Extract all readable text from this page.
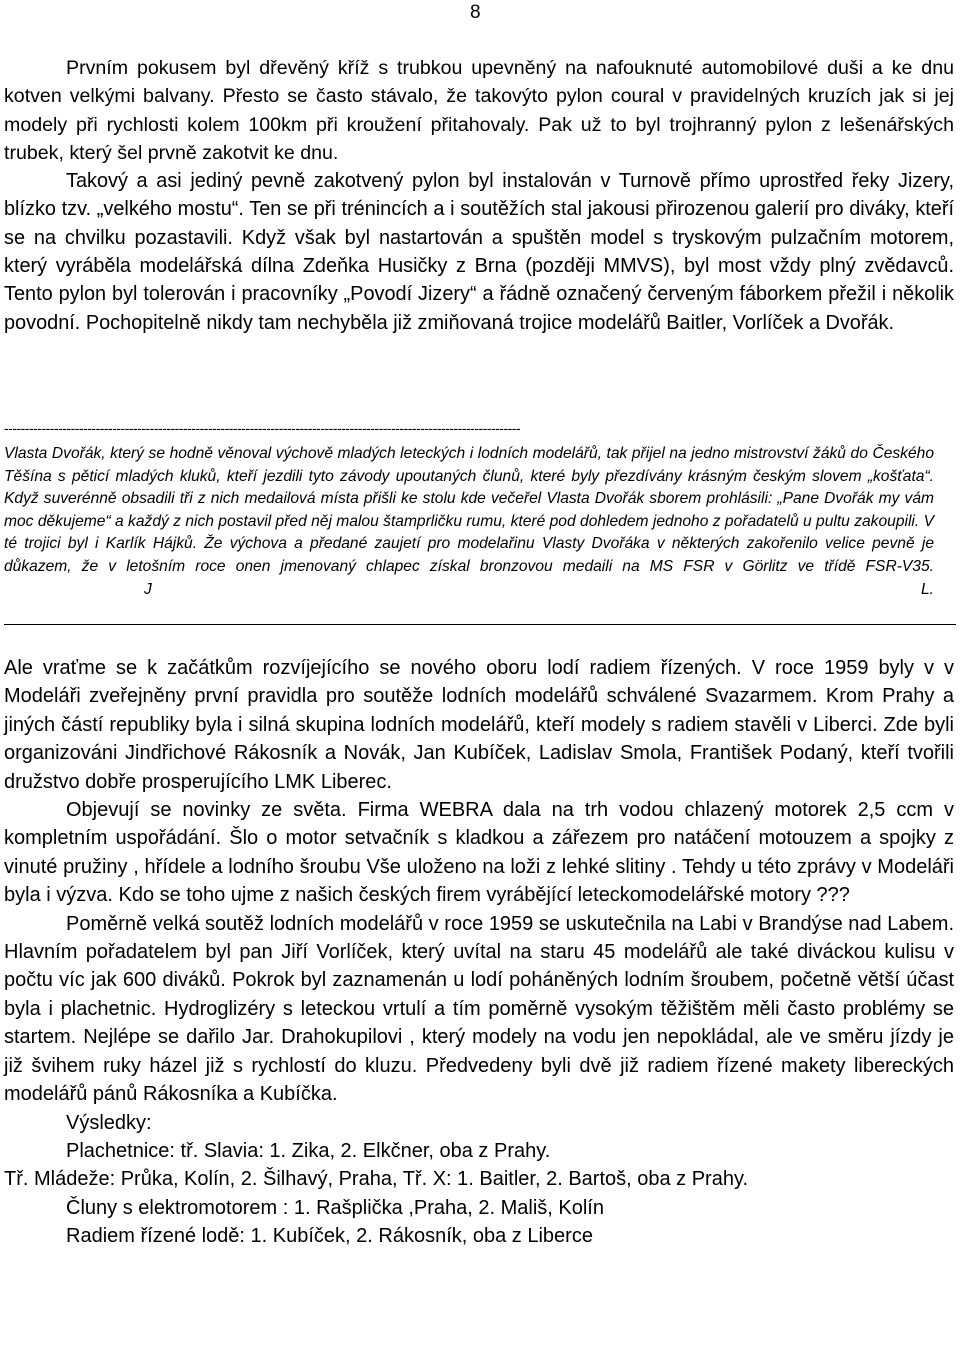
8

Prvním pokusem byl dřevěný kříž s trubkou upevněný na nafouknuté automobilové duši a ke dnu kotven velkými balvany. Přesto se často stávalo, že takovýto pylon coural v pravidelných kruzích jak si jej modely při rychlosti kolem 100km při kroužení přitahovaly. Pak už to byl trojhranný pylon z lešenářských trubek, který šel prvně zakotvit ke dnu.

Takový a asi jediný pevně zakotvený pylon byl instalován v Turnově přímo uprostřed řeky Jizery, blízko tzv. „velkého mostu“. Ten se při trénincích a i soutěžích stal jakousi přirozenou galerií pro diváky, kteří se na chvilku pozastavili. Když však byl nastartován a spuštěn model s tryskovým pulzačním motorem, který vyráběla modelářská dílna Zdeňka Husičky z Brna (později MMVS), byl most vždy plný zvědavců. Tento pylon byl tolerován i pracovníky „Povodí Jizery“ a řádně označený červeným fáborkem přežil i několik povodní. Pochopitelně nikdy tam nechyběla již zmiňovaná trojice modelářů Baitler, Vorlíček a Dvořák.

----------------------------------------------------------------------------------------------------------------------------

Vlasta Dvořák, který se hodně věnoval výchově mladých leteckých i lodních modelářů, tak přijel na jedno mistrovství žáků do Českého Těšína s pěticí mladých kluků, kteří jezdili tyto závody upoutaných člunů, které byly přezdívány krásným českým slovem „košťata“. Když suverénně obsadili tři z nich medailová místa přišli ke stolu kde večeřel Vlasta Dvořák sborem prohlásili: „Pane Dvořák my vám moc děkujeme“ a každý z nich postavil před něj malou štamprličku rumu, které pod dohledem jednoho z pořadatelů u pultu zakoupili. V té trojici byl i Karlík Hájků. Že výchova a předané zaujetí pro modelařinu Vlasty Dvořáka v některých zakořenilo velice pevně je důkazem, že v letošním roce onen jmenovaný chlapec získal bronzovou medaili na MS FSR v Görlitz ve třídě FSR-V35.J L.

Ale vraťme se k začátkům rozvíjejícího se nového oboru lodí radiem řízených. V roce 1959 byly v v Modeláři zveřejněny první pravidla pro soutěže lodních modelářů schválené Svazarmem. Krom Prahy a jiných částí republiky byla i silná skupina lodních modelářů, kteří modely s radiem stavěli v Liberci. Zde byli organizováni Jindřichové Rákosník a Novák, Jan Kubíček, Ladislav Smola, František Podaný, kteří tvořili družstvo dobře prosperujícího LMK Liberec.

Objevují se novinky ze světa. Firma WEBRA dala na trh vodou chlazený motorek 2,5 ccm v kompletním uspořádání. Šlo o motor setvačník s kladkou a zářezem pro natáčení motouzem a spojky z vinuté pružiny , hřídele a lodního šroubu Vše uloženo na loži z lehké slitiny . Tehdy u této zprávy v Modeláři byla i výzva. Kdo se toho ujme z našich českých firem vyrábějící leteckomodelářské motory ???

Poměrně velká soutěž lodních modelářů v roce 1959 se uskutečnila na Labi v Brandýse nad Labem. Hlavním pořadatelem byl pan Jiří Vorlíček, který uvítal na staru 45 modelářů ale také diváckou kulisu v počtu víc jak 600 diváků. Pokrok byl zaznamenán u lodí poháněných lodním šroubem, početně větší účast byla i plachetnic. Hydroglizéry s leteckou vrtulí a tím poměrně vysokým těžištěm měli často problémy se startem. Nejlépe se dařilo Jar. Drahokupilovi , který modely na vodu jen nepokládal, ale ve směru jízdy je již švihem ruky házel již s rychlostí do kluzu. Předvedeny byli dvě již radiem řízené makety libereckých modelářů pánů Rákosníka a Kubíčka.

Výsledky:

Plachetnice: tř. Slavia: 1. Zika, 2. Elkčner, oba z Prahy.
Tř. Mládeže: Průka, Kolín, 2. Šilhavý, Praha, Tř. X: 1. Baitler, 2. Bartoš, oba z Prahy.
Čluny s elektromotorem : 1. Rašplička ,Praha, 2. Mališ, Kolín
Radiem řízené lodě: 1. Kubíček, 2. Rákosník, oba z Liberce
